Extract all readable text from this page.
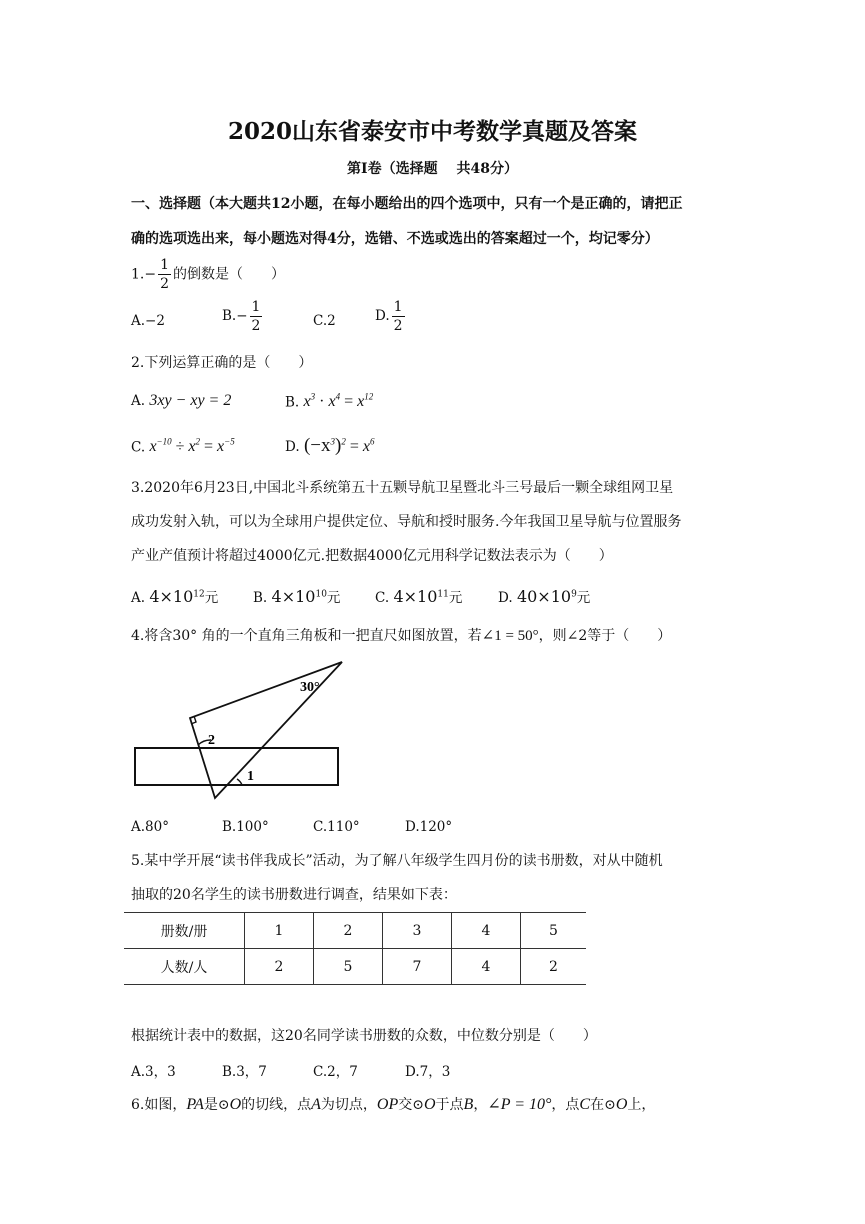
2020山东省泰安市中考数学真题及答案
第Ⅰ卷（选择题　 共48分）
一、选择题（本大题共12小题，在每小题给出的四个选项中，只有一个是正确的，请把正
确的选项选出来，每小题选对得4分，选错、不选或选出的答案超过一个，均记零分）
$1.- \frac{1}{2}$ 的倒数是（　　）
A.−2	$B.- \frac{1}{2}$	C.2	D. $\frac{1}{2}$
2.下列运算正确的是（　　）
A. 3xy − xy = 2	B. $x^3 \cdot x^4 = x^{12}$
C. $x^{-10} \div x^2 = x^{-5}$	D. $(-x^3)^2 = x^6$
3.2020年6月23日,中国北斗系统第五十五颗导航卫星暨北斗三号最后一颗全球组网卫星
成功发射入轨，可以为全球用户提供定位、导航和授时服务.今年我国卫星导航与位置服务
产业产值预计将超过4000亿元.把数据4000亿元用科学记数法表示为（　　）
A. $4\times 10^{12}$元	B. $4\times 10^{10}$元	C. $4\times 10^{11}$元	D. $40\times 10^9$元
4.将含30° 角的一个直角三角板和一把直尺如图放置，若∠1 = 50°，则∠2等于（　　）
30°
2
1
A.80°	B.100°	C.110°	D.120°
5.某中学开展“读书伴我成长”活动，为了解八年级学生四月份的读书册数，对从中随机
抽取的20名学生的读书册数进行调查，结果如下表：
册数/册	1	2	3	4	5
人数/人	2	5	7	4	2
根据统计表中的数据，这20名同学读书册数的众数，中位数分别是（　　）
A.3，3	B.3，7	C.2，7	D.7，3
6.如图，PA是⊙O的切线，点A为切点，OP交⊙O于点B，∠P = 10°，点C在⊙O上，
